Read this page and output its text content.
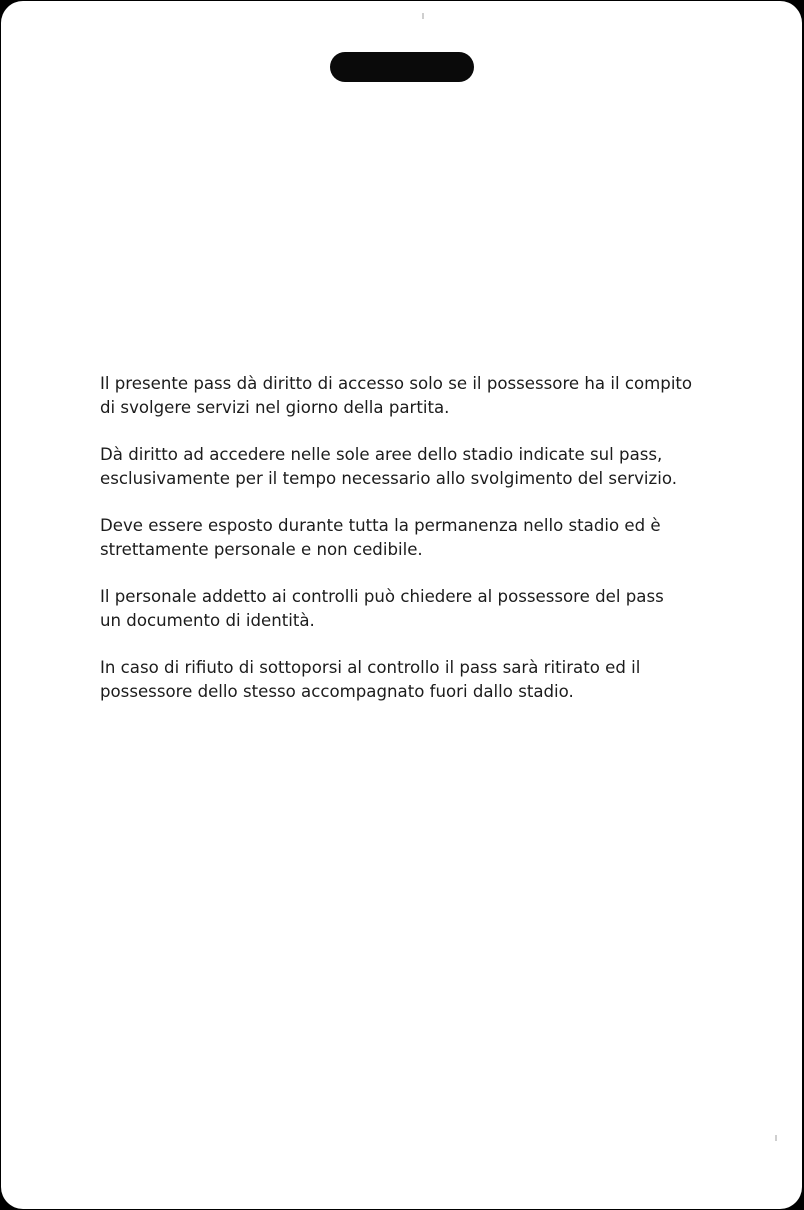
Il presente pass dà diritto di accesso solo se il possessore ha il compito
di svolgere servizi nel giorno della partita.

Dà diritto ad accedere nelle sole aree dello stadio indicate sul pass,
esclusivamente per il tempo necessario allo svolgimento del servizio.

Deve essere esposto durante tutta la permanenza nello stadio ed è
strettamente personale e non cedibile.

Il personale addetto ai controlli può chiedere al possessore del pass
un documento di identità.

In caso di rifiuto di sottoporsi al controllo il pass sarà ritirato ed il
possessore dello stesso accompagnato fuori dallo stadio.
